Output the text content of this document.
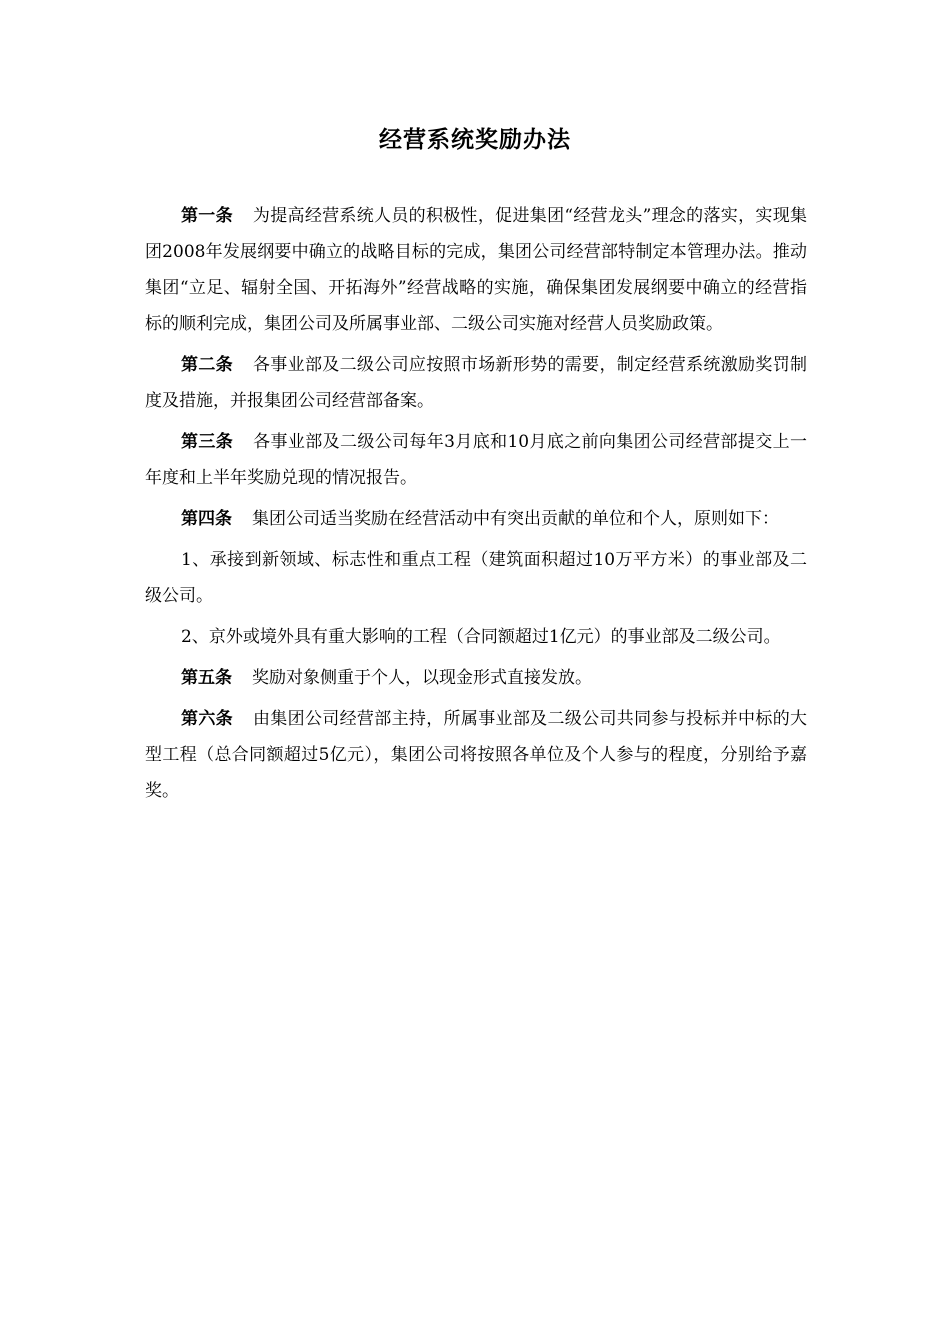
经营系统奖励办法

第一条 为提高经营系统人员的积极性，促进集团“经营龙头”理念的落实，实现集团2008年发展纲要中确立的战略目标的完成，集团公司经营部特制定本管理办法。推动集团“立足、辐射全国、开拓海外”经营战略的实施，确保集团发展纲要中确立的经营指标的顺利完成，集团公司及所属事业部、二级公司实施对经营人员奖励政策。

第二条 各事业部及二级公司应按照市场新形势的需要，制定经营系统激励奖罚制度及措施，并报集团公司经营部备案。

第三条 各事业部及二级公司每年3月底和10月底之前向集团公司经营部提交上一年度和上半年奖励兑现的情况报告。

第四条 集团公司适当奖励在经营活动中有突出贡献的单位和个人，原则如下：

1、承接到新领域、标志性和重点工程（建筑面积超过10万平方米）的事业部及二级公司。

2、京外或境外具有重大影响的工程（合同额超过1亿元）的事业部及二级公司。

第五条 奖励对象侧重于个人，以现金形式直接发放。

第六条 由集团公司经营部主持，所属事业部及二级公司共同参与投标并中标的大型工程（总合同额超过5亿元），集团公司将按照各单位及个人参与的程度，分别给予嘉奖。
